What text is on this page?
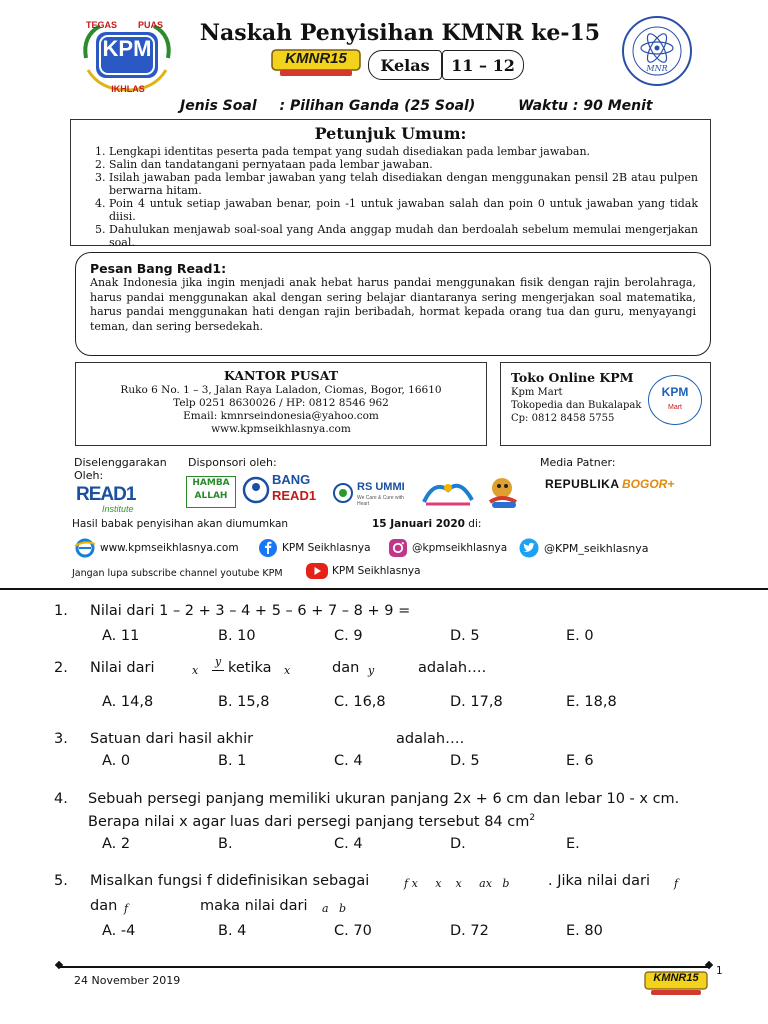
TEGAS PUAS
KPM
IKHLAS
Naskah Penyisihan KMNR ke-15
KMNR15	Kelas	11 – 12	MNR
Jenis Soal : Pilihan Ganda (25 Soal)	Waktu : 90 Menit
Petunjuk Umum:
1. Lengkapi identitas peserta pada tempat yang sudah disediakan pada lembar jawaban.
2. Salin dan tandatangani pernyataan pada lembar jawaban.
3. Isilah jawaban pada lembar jawaban yang telah disediakan dengan menggunakan pensil 2B atau pulpen berwarna hitam.
4. Poin 4 untuk setiap jawaban benar, poin -1 untuk jawaban salah dan poin 0 untuk jawaban yang tidak diisi.
5. Dahulukan menjawab soal-soal yang Anda anggap mudah dan berdoalah sebelum memulai mengerjakan soal.
Pesan Bang Read1:
Anak Indonesia jika ingin menjadi anak hebat harus pandai menggunakan fisik dengan rajin berolahraga, harus pandai menggunakan akal dengan sering belajar diantaranya sering mengerjakan soal matematika, harus pandai menggunakan hati dengan rajin beribadah, hormat kepada orang tua dan guru, menyayangi teman, dan sering bersedekah.
KANTOR PUSAT
Ruko 6 No. 1 – 3, Jalan Raya Laladon, Ciomas, Bogor, 16610
Telp 0251 8630026 / HP: 0812 8546 962
Email: kmnrseindonesia@yahoo.com
www.kpmseikhlasnya.com
Toko Online KPM
Kpm Mart
Tokopedia dan Bukalapak
Cp: 0812 8458 5755
KPM
Mart
Diselenggarakan Oleh:
Disponsori oleh:	Media Patner:
READ1
Institute
HAMBA
ALLAH
BANG
READ1
RS UMMI
We Care & Cure with Heart
REPUBLIKA BOGOR+
Hasil babak penyisihan akan diumumkan	15 Januari 2020 di:
www.kpmseikhlasnya.com	KPM Seikhlasnya	@kpmseikhlasnya	@KPM_seikhlasnya
Jangan lupa subscribe channel youtube KPM	KPM Seikhlasnya
1. Nilai dari 1 – 2 + 3 – 4 + 5 – 6 + 7 – 8 + 9 =
A. 11	B. 10	C. 9	D. 5	E. 0
2. Nilai dari	x
y ketika x	dan y	adalah….
A. 14,8	B. 15,8	C. 16,8	D. 17,8	E. 18,8
3. Satuan dari hasil akhir	adalah….
A. 0	B. 1	C. 4	D. 5	E. 6
4. Sebuah persegi panjang memiliki ukuran panjang 2x + 6 cm dan lebar 10 - x cm.
Berapa nilai x agar luas dari persegi panjang tersebut 84 $cm^2$
A. 2	B.	C. 4	D.	E.
5. Misalkan fungsi f didefinisikan sebagai	f x     x    x     ax   b	. Jika nilai dari f
dan f	maka nilai dari a   b
A. -4	B. 4	C. 70	D. 72	E. 80
24 November 2019
1
KMNR15
